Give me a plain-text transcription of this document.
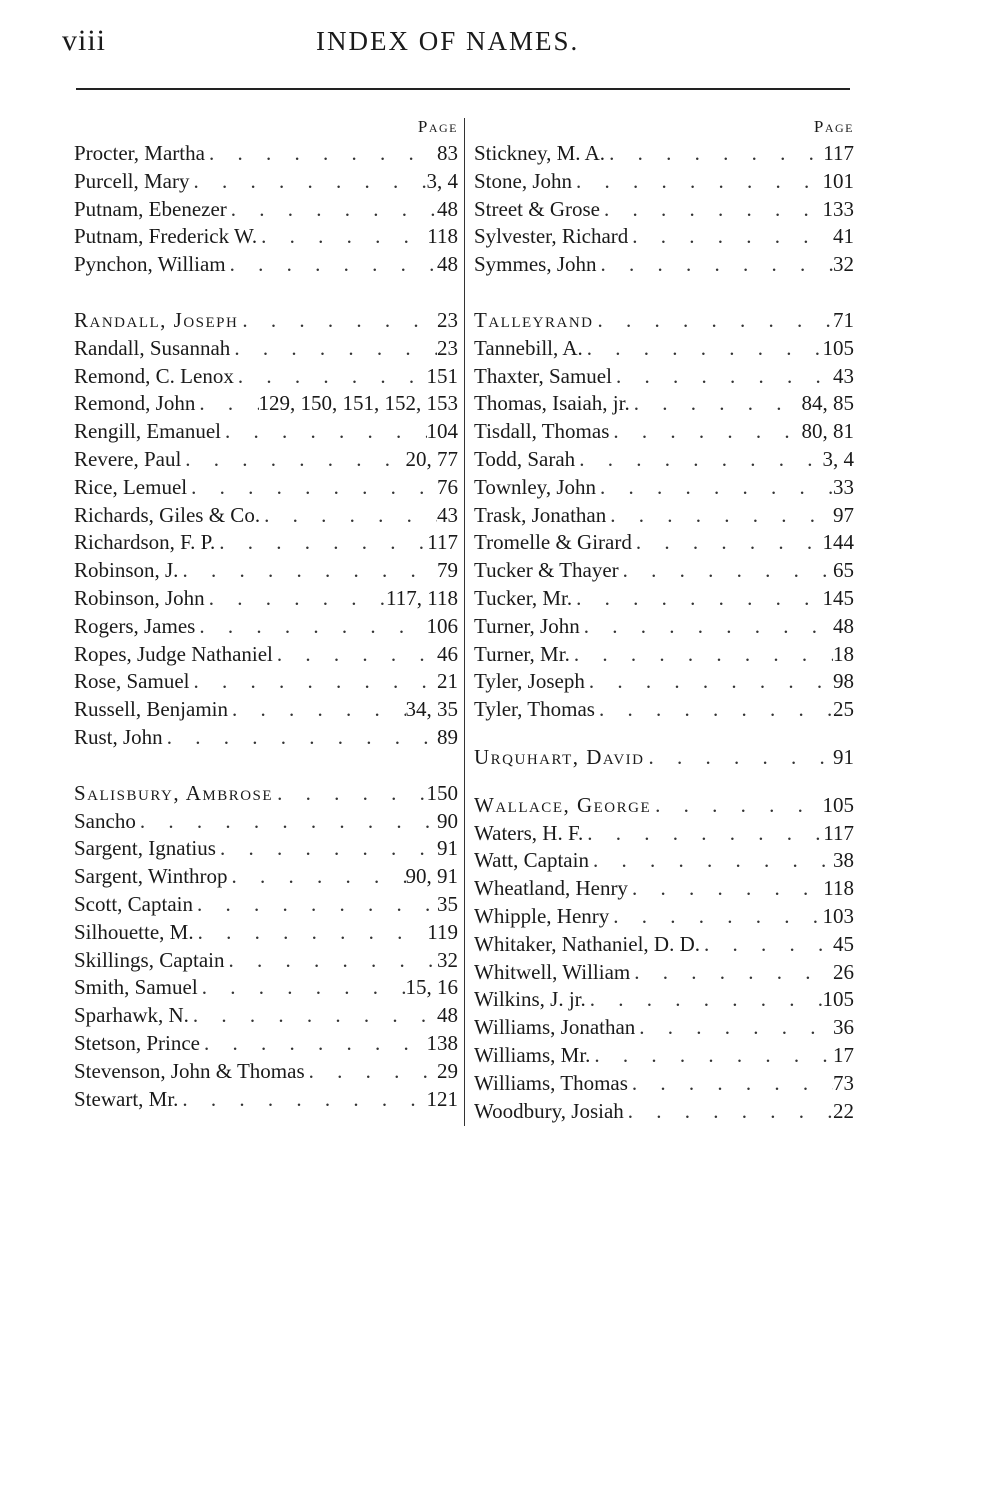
viii	INDEX OF NAMES.
Page
Procter, Martha . . .	83
Purcell, Mary . . .	3, 4
Putnam, Ebenezer . . .	48
Putnam, Frederick W. . . .	118
Pynchon, William . . .	48
Randall, Joseph . . .	23
Randall, Susannah . . .	23
Remond, C. Lenox . . .	151
Remond, John . . .	129, 150, 151, 152, 153
Rengill, Emanuel . . .	104
Revere, Paul . . .	20, 77
Rice, Lemuel . . .	76
Richards, Giles & Co. . . .	43
Richardson, F. P. . . .	117
Robinson, J. . . .	79
Robinson, John . . .	117, 118
Rogers, James . . .	106
Ropes, Judge Nathaniel . . .	46
Rose, Samuel . . .	21
Russell, Benjamin . . .	34, 35
Rust, John . . .	89
Salisbury, Ambrose . . .	150
Sancho . . .	90
Sargent, Ignatius . . .	91
Sargent, Winthrop . . .	90, 91
Scott, Captain . . .	35
Silhouette, M. . . .	119
Skillings, Captain . . .	32
Smith, Samuel . . .	15, 16
Sparhawk, N. . . .	48
Stetson, Prince . . .	138
Stevenson, John & Thomas . . .	29
Stewart, Mr. . . .	121
Page
Stickney, M. A. . . .	117
Stone, John . . .	101
Street & Grose . . .	133
Sylvester, Richard . . .	41
Symmes, John . . .	32
Talleyrand . . .	71
Tannebill, A. . . .	105
Thaxter, Samuel . . .	43
Thomas, Isaiah, jr. . . .	84, 85
Tisdall, Thomas . . .	80, 81
Todd, Sarah . . .	3, 4
Townley, John . . .	33
Trask, Jonathan . . .	97
Tromelle & Girard . . .	144
Tucker & Thayer . . .	65
Tucker, Mr. . . .	145
Turner, John . . .	48
Turner, Mr. . . .	18
Tyler, Joseph . . .	98
Tyler, Thomas . . .	25
Urquhart, David . . .	91
Wallace, George . . .	105
Waters, H. F. . . .	117
Watt, Captain . . .	38
Wheatland, Henry . . .	118
Whipple, Henry . . .	103
Whitaker, Nathaniel, D. D. . . .	45
Whitwell, William . . .	26
Wilkins, J. jr. . . .	105
Williams, Jonathan . . .	36
Williams, Mr. . . .	17
Williams, Thomas . . .	73
Woodbury, Josiah . . .	22
